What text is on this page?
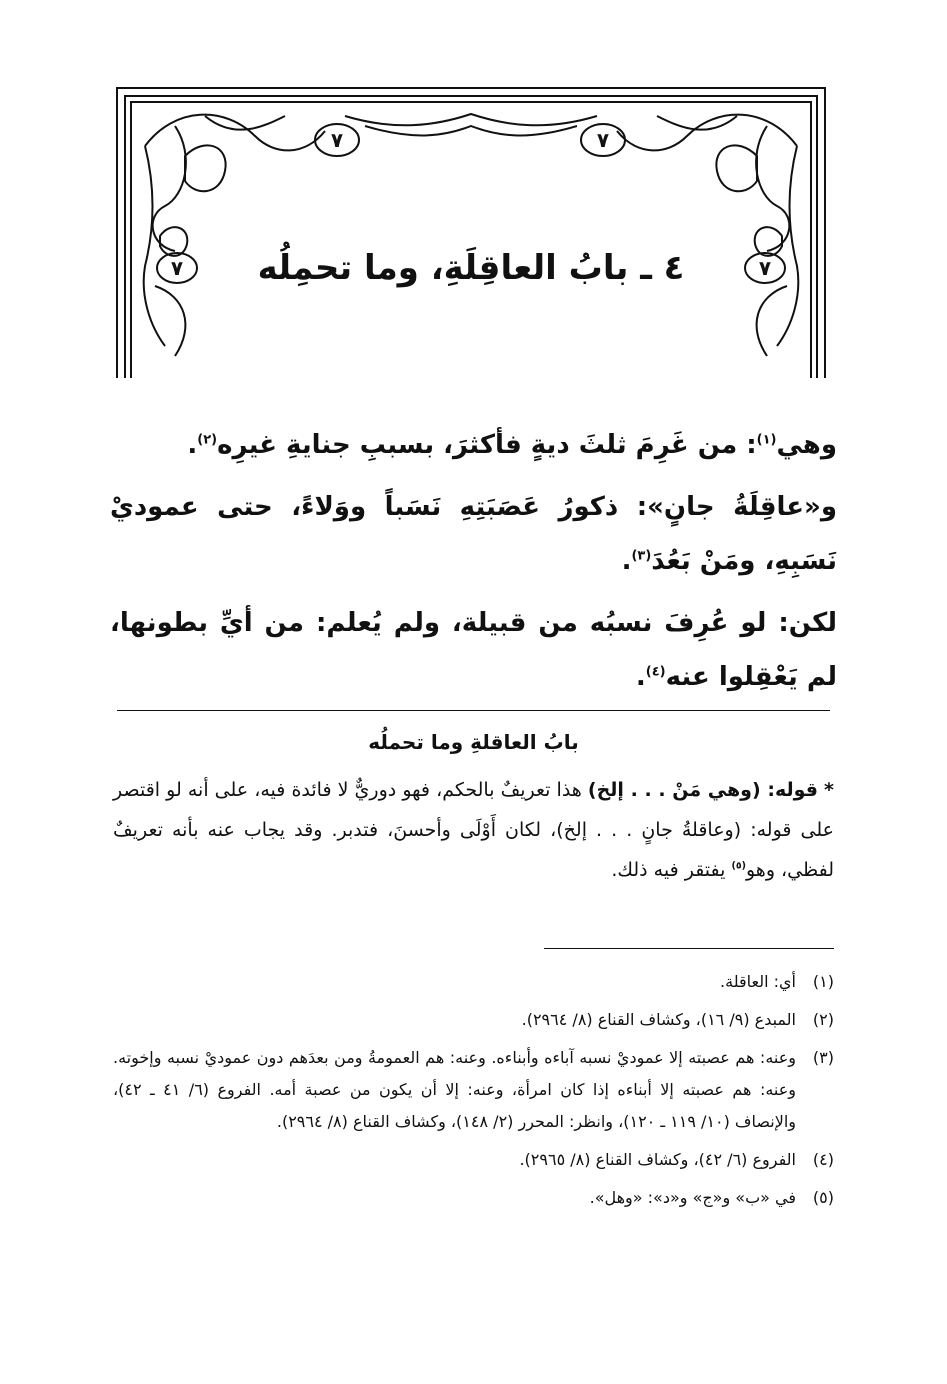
٧	٧
٧	٧
٤ ـ بابُ العاقِلَةِ، وما تحمِلُه

وهي$^{(١)}$: من غَرِمَ ثلثَ ديةٍ فأكثرَ، بسببِ جنايةِ غيرِه$^{(٢)}$.

و«عاقِلَةُ جانٍ»: ذكورُ عَصَبَتِهِ نَسَباً ووَلاءً، حتى عموديْ نَسَبِهِ، ومَنْ بَعُدَ$^{(٣)}$.

لكن: لو عُرِفَ نسبُه من قبيلة، ولم يُعلم: من أيِّ بطونها، لم يَعْقِلوا عنه$^{(٤)}$.

بابُ العاقلةِ وما تحملُه

* قوله: (وهي مَنْ . . . إلخ) هذا تعريفٌ بالحكم، فهو دوريٌّ لا فائدة فيه، على أنه لو اقتصر على قوله: (وعاقلةُ جانٍ . . . إلخ)، لكان أَوْلَى وأحسنَ، فتدبر. وقد يجاب عنه بأنه تعريفٌ لفظي، وهو$^{(٥)}$ يفتقر فيه ذلك.

(١)
أي: العاقلة.
(٢)
المبدع (٩/ ١٦)، وكشاف القناع (٨/ ٢٩٦٤).
(٣)
وعنه: هم عصبته إلا عموديْ نسبه آباءه وأبناءه. وعنه: هم العمومةُ ومن بعدَهم دون عموديْ نسبه وإخوته. وعنه: هم عصبته إلا أبناءه إذا كان امرأة، وعنه: إلا أن يكون من عصبة أمه. الفروع (٦/ ٤١ ـ ٤٢)، والإنصاف (١٠/ ١١٩ ـ ١٢٠)، وانظر: المحرر (٢/ ١٤٨)، وكشاف القناع (٨/ ٢٩٦٤).
(٤)
الفروع (٦/ ٤٢)، وكشاف القناع (٨/ ٢٩٦٥).
(٥)
في «ب» و«ج» و«د»: «وهل».
